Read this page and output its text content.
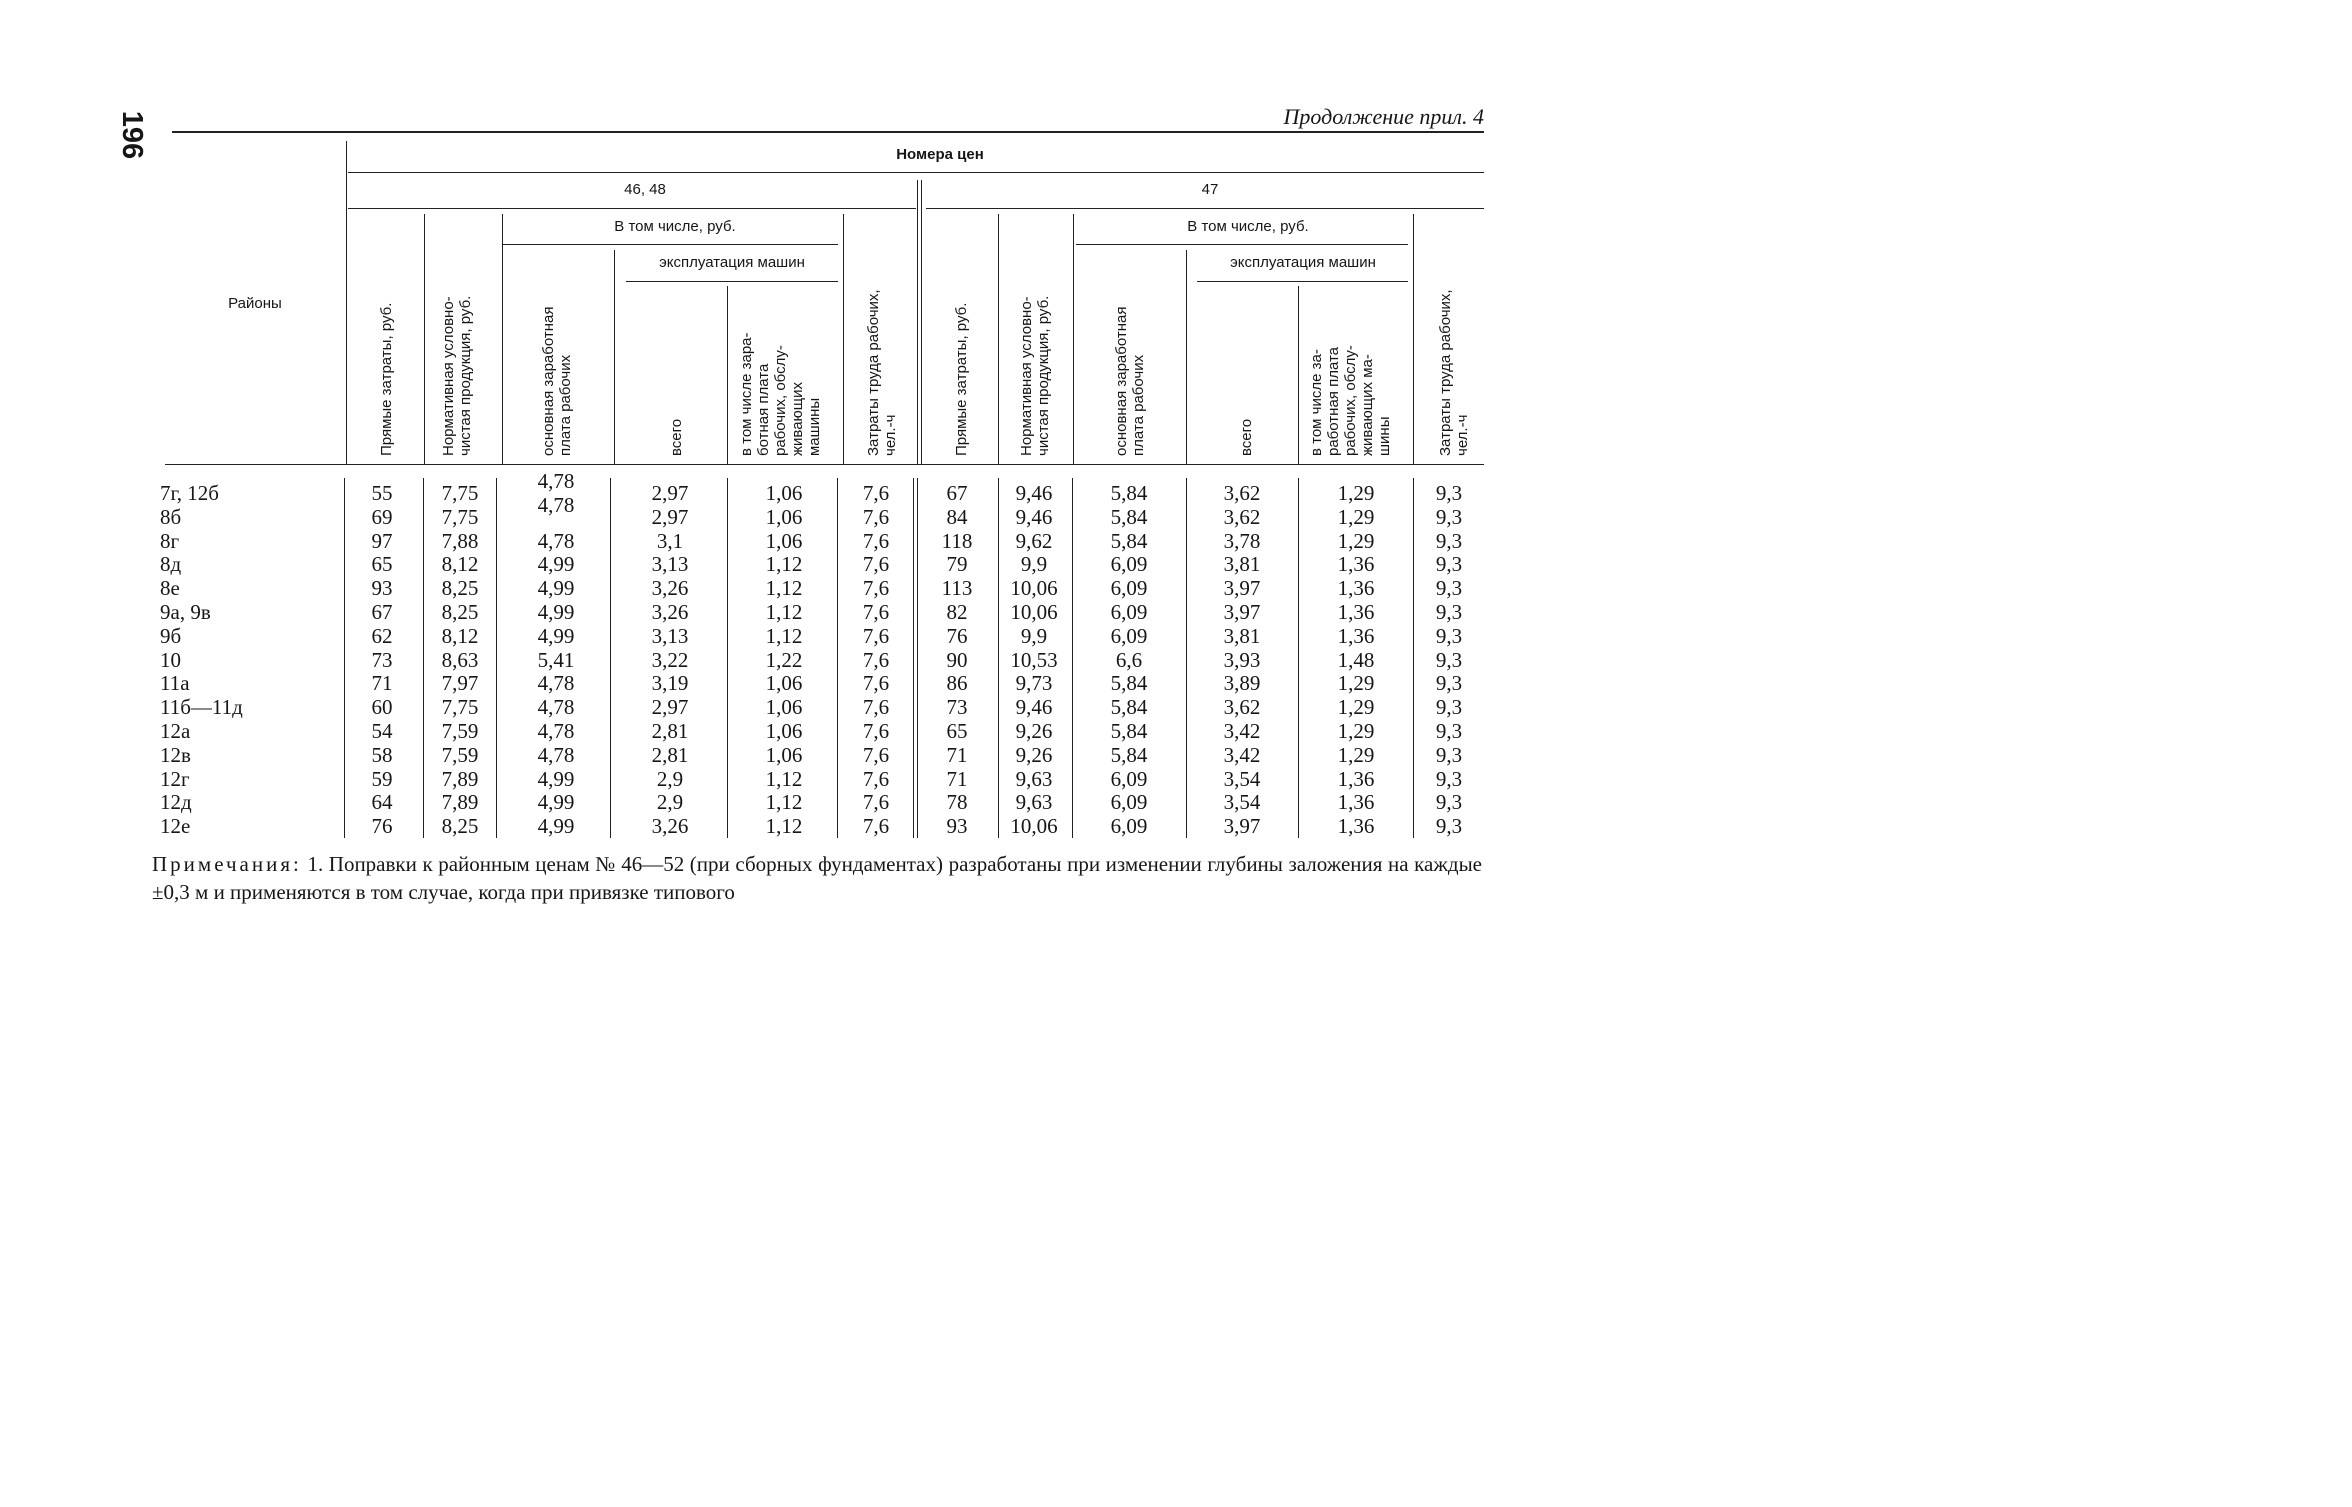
196	Продолжение прил. 4
Районы
Номера цен
46, 48	47
В том числе, руб.	В том числе, руб.
эксплуатация машин	эксплуатация машин
Прямые затраты, руб.	Нормативная условно- чистая продукция, руб.	основная заработная плата рабочих	всего	в том числе зара- ботная плата рабочих, обслу- живающих машины	Затраты труда рабочих, чел.-ч	Прямые затраты, руб.	Нормативная условно- чистая продукция, руб.	основная заработная плата рабочих	всего	в том числе за- работная плата рабочих, обслу- живающих ма- шины	Затраты труда рабочих, чел.-ч
7г, 12б	55	7,75	4,78	2,97	1,06	7,6	67	9,46	5,84	3,62	1,29	9,3
8б	69	7,75	4,78	2,97	1,06	7,6	84	9,46	5,84	3,62	1,29	9,3
8г	97	7,88	4,78	3,1	1,06	7,6	118	9,62	5,84	3,78	1,29	9,3
8д	65	8,12	4,99	3,13	1,12	7,6	79	9,9	6,09	3,81	1,36	9,3
8е	93	8,25	4,99	3,26	1,12	7,6	113	10,06	6,09	3,97	1,36	9,3
9а, 9в	67	8,25	4,99	3,26	1,12	7,6	82	10,06	6,09	3,97	1,36	9,3
9б	62	8,12	4,99	3,13	1,12	7,6	76	9,9	6,09	3,81	1,36	9,3
10	73	8,63	5,41	3,22	1,22	7,6	90	10,53	6,6	3,93	1,48	9,3
11а	71	7,97	4,78	3,19	1,06	7,6	86	9,73	5,84	3,89	1,29	9,3
11б—11д	60	7,75	4,78	2,97	1,06	7,6	73	9,46	5,84	3,62	1,29	9,3
12а	54	7,59	4,78	2,81	1,06	7,6	65	9,26	5,84	3,42	1,29	9,3
12в	58	7,59	4,78	2,81	1,06	7,6	71	9,26	5,84	3,42	1,29	9,3
12г	59	7,89	4,99	2,9	1,12	7,6	71	9,63	6,09	3,54	1,36	9,3
12д	64	7,89	4,99	2,9	1,12	7,6	78	9,63	6,09	3,54	1,36	9,3
12е	76	8,25	4,99	3,26	1,12	7,6	93	10,06	6,09	3,97	1,36	9,3
Примечания: 1. Поправки к районным ценам № 46—52 (при сборных фундаментах) разработаны при изменении глубины заложения на каждые ±0,3 м и применяются в том случае, когда при привязке типового
